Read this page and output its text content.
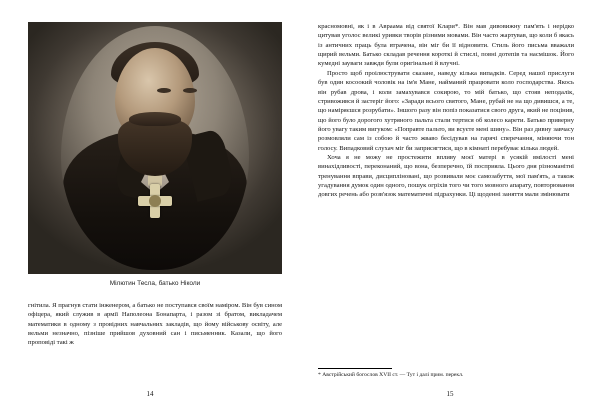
Мілютин Тесла, батько Ніколи

гнітила. Я прагнув стати інженером, а батько не поступався своїм наміром. Він був сином офіцера, який служив в армії Наполеона Бонапарта, і разом зі братом, викладачем математики в одному з провідних навчальних закладів, що йому військову освіту, але вельми незначно, пізніше прийшов духовний сан і письменник. Казали, що його проповіді такі ж

14

красномовні, як і в Авраама від святої Клари*. Він мав дивовижну пам'ять і нерідко цитував уголос великі уривки творів різними мовами. Він часто жартував, що коли б якась із античних праць була втрачена, він міг би її відновити. Стиль його письма вважали щирий вельми. Батько складав речення короткі й стислі, повні дотепів та насмішок. Його кумедні зауваги завжди були оригінальні й влучні.

Просто щоб проілюструвати сказане, наведу кілька випадків. Серед нашої прислуги був один косоокий чоловік на ім'я Мане, найманий працювати коло господарства. Якось він рубав дрова, і коли замахувався сокирою, то мій батько, що стояв неподалік, стривожився й застеріг його: «Заради всього святого, Мане, рубай не на що дивишся, а те, що наміряєшся розрубати». Іншого разу він попіз показатися свого друга, який не поцінив, що його було дорогого хутряного пальта стали тертися об колесо карети. Батько приверну його увагу таким вигуком: «Поправте пальто, ви всуєте мені шину». Він раз дивну завчасу розмовляли сам із собою й часто жваво бесідував на гарячі сперечання, міняючи тон голосу. Випадковий слухач міг би заприсягтися, що в кімнаті перебуває кілька людей.

Хоча я не можу не простежити впливу моєї матері в усякій вмілості мені винахідливості, переконаний, що вона, безперечно, їй посприяла. Цього дня різноманітні тренування вправи, дисципліновані, що розвивали моє самозабуття, мої пам'ять, а також угадування думок один одного, пошук огріхів того чи того мовного апарату, повторювання довгих речень або розв'язок математичні підрахунки. Ці щоденні заняття мали змінювати

* Австрійський богослов XVII ст. — Тут і далі прим. перекл.
15
